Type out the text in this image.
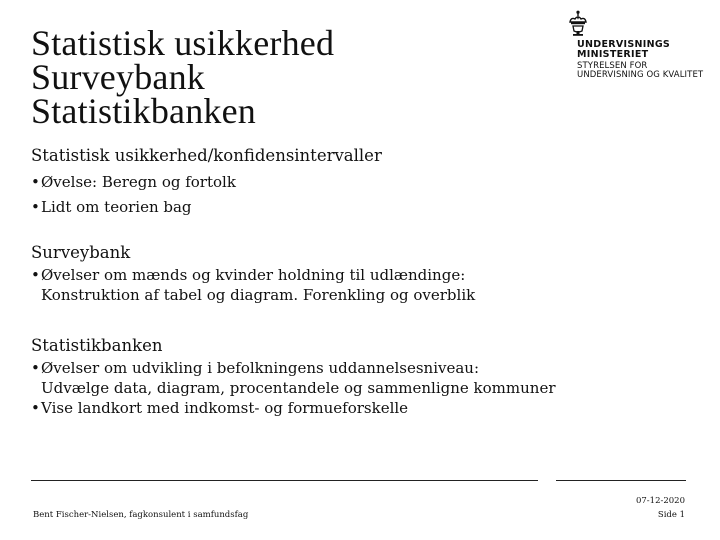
Statistisk usikkerhed
Surveybank
Statistikbanken
UNDERVISNINGS
MINISTERIET
STYRELSEN FOR
UNDERVISNING OG KVALITET
Statistisk usikkerhed/konfidensintervaller
• Øvelse: Beregn og fortolk
• Lidt om teorien bag
Surveybank
• Øvelser om mænds og kvinder holdning til udlændinge:
Konstruktion af tabel og diagram. Forenkling og overblik
Statistikbanken
• Øvelser om udvikling i befolkningens uddannelsesniveau:
Udvælge data, diagram, procentandele og sammenligne kommuner
• Vise landkort med indkomst- og formueforskelle
Bent Fischer-Nielsen, fagkonsulent i samfundsfag
07-12-2020
Side 1
